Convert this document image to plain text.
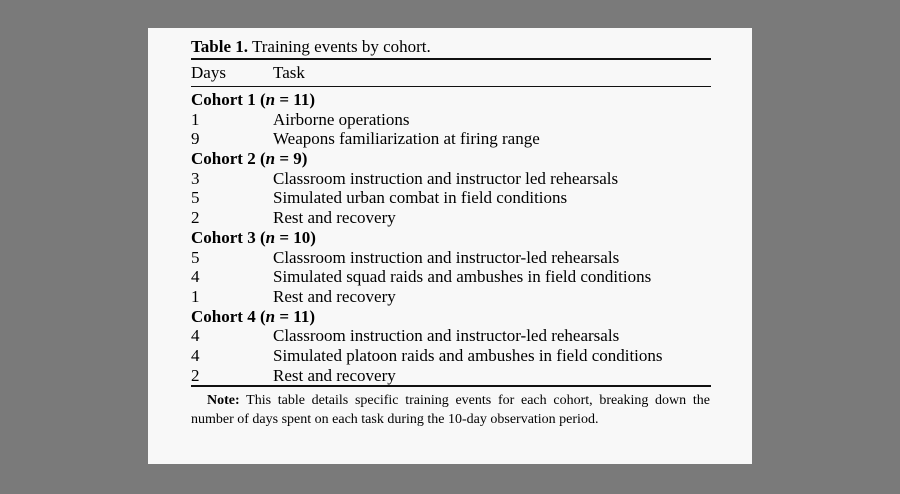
Table 1. Training events by cohort.

Days	Task
Cohort 1 ( n = 11)
1	Airborne operations
9	Weapons familiarization at firing range
Cohort 2 ( n = 9)
3	Classroom instruction and instructor led rehearsals
5	Simulated urban combat in field conditions
2	Rest and recovery
Cohort 3 ( n = 10)
5	Classroom instruction and instructor-led rehearsals
4	Simulated squad raids and ambushes in field conditions
1	Rest and recovery
Cohort 4 ( n = 11)
4	Classroom instruction and instructor-led rehearsals
4	Simulated platoon raids and ambushes in field conditions
2	Rest and recovery
Note: This table details specific training events for each cohort, breaking down the number of days spent on each task during the 10-day observation period.
